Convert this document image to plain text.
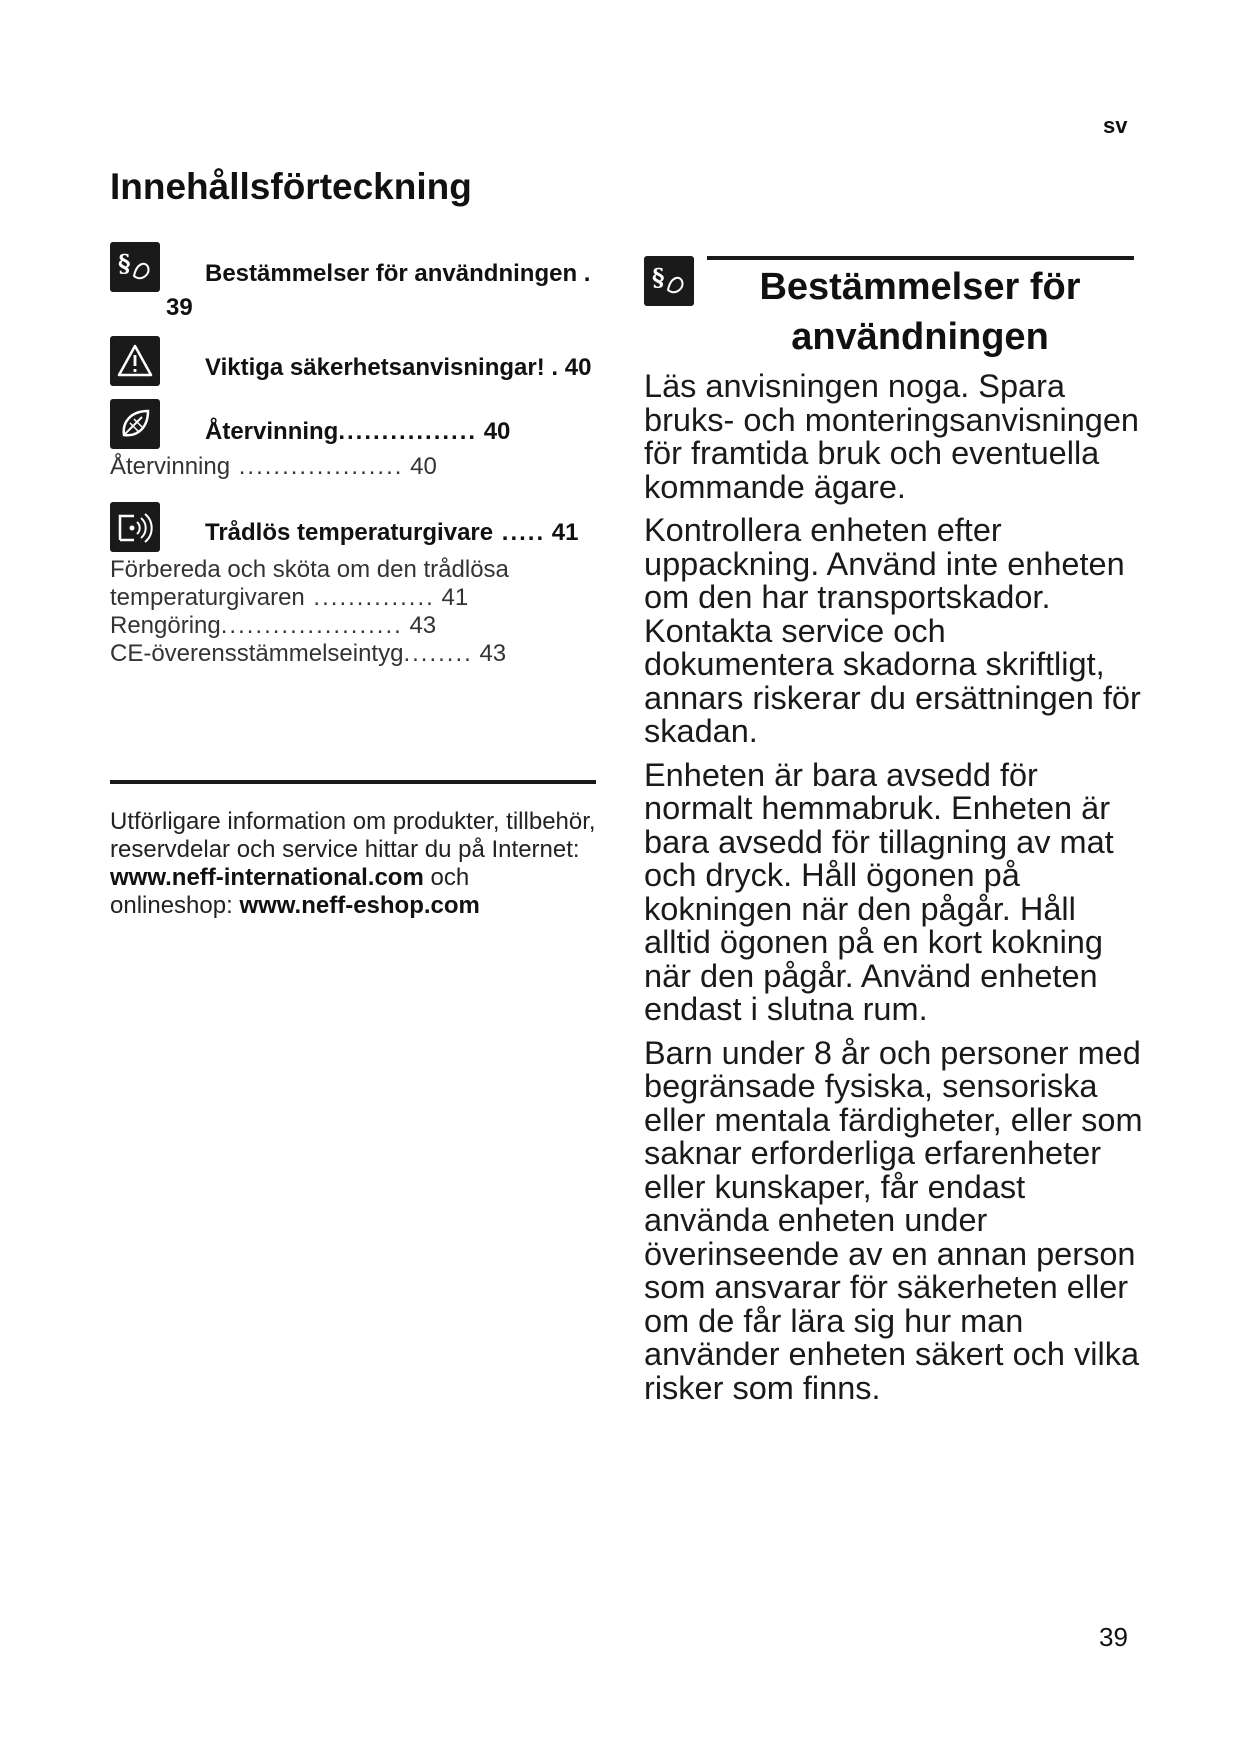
sv
Innehållsförteckning
§	Bestämmelser för användningen .
39
Viktiga säkerhetsanvisningar! . 40
Återvinning................ 40
Återvinning ................... 40
Trådlös temperaturgivare ..... 41
Förbereda och sköta om den trådlösa
temperaturgivaren .............. 41
Rengöring..................... 43
CE-överensstämmelseintyg........ 43
Utförligare information om produkter, tillbehör, reservdelar och service hittar du på Internet:
www.neff-international.com och
onlineshop: www.neff-eshop.com
§	Bestämmelser för
användningen

Läs anvisningen noga. Spara bruks- och monteringsanvisningen för framtida bruk och eventuella kommande ägare.

Kontrollera enheten efter uppackning. Använd inte enheten om den har transportskador. Kontakta service och dokumentera skadorna skriftligt, annars riskerar du ersättningen för skadan.

Enheten är bara avsedd för normalt hemmabruk. Enheten är bara avsedd för tillagning av mat och dryck. Håll ögonen på kokningen när den pågår. Håll alltid ögonen på en kort kokning när den pågår. Använd enheten endast i slutna rum.

Barn under 8 år och personer med begränsade fysiska, sensoriska eller mentala färdigheter, eller som saknar erforderliga erfarenheter eller kunskaper, får endast använda enheten under överinseende av en annan person som ansvarar för säkerheten eller om de får lära sig hur man använder enheten säkert och vilka risker som finns.

39
